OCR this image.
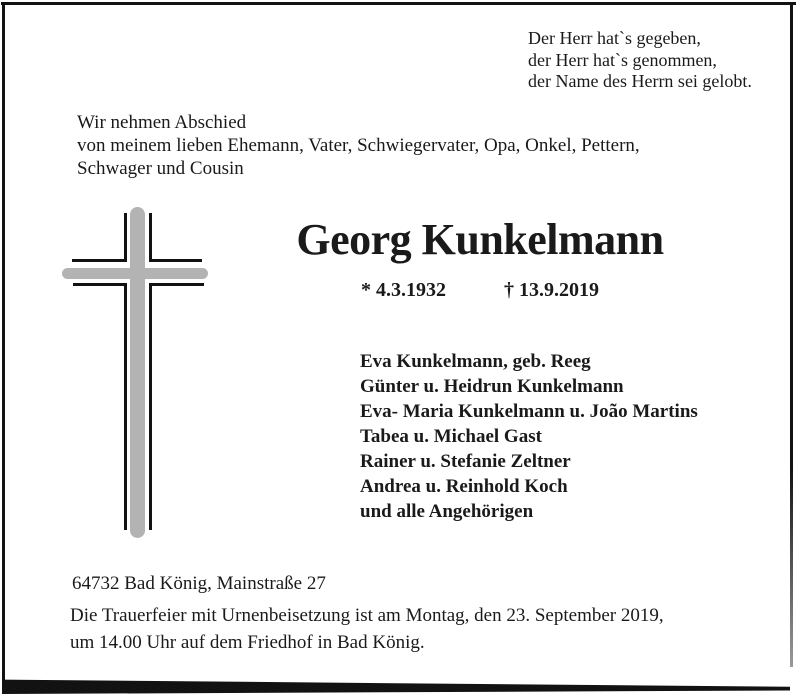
Der Herr hat`s gegeben,
der Herr hat`s genommen,
der Name des Herrn sei gelobt.
Wir nehmen Abschied
von meinem lieben Ehemann, Vater, Schwiegervater, Opa, Onkel, Pettern,
Schwager und Cousin
Georg Kunkelmann
* 4.3.1932	† 13.9.2019
Eva Kunkelmann, geb. Reeg
Günter u. Heidrun Kunkelmann
Eva- Maria Kunkelmann u. João Martins
Tabea u. Michael Gast
Rainer u. Stefanie Zeltner
Andrea u. Reinhold Koch
und alle Angehörigen
64732 Bad König, Mainstraße 27
Die Trauerfeier mit Urnenbeisetzung ist am Montag, den 23. September 2019,
um 14.00 Uhr auf dem Friedhof in Bad König.
